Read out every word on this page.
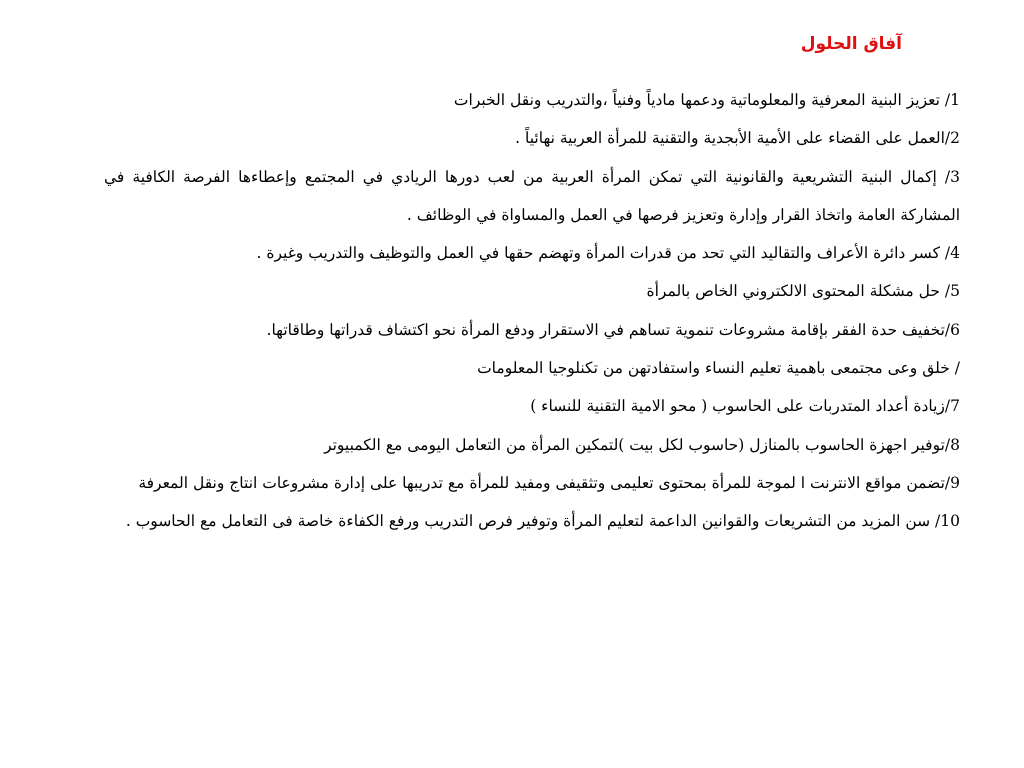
آفاق الحلول

1/ تعزيز البنية المعرفية والمعلوماتية ودعمها مادياً وفنياً ،والتدريب ونقل الخبرات

2/العمل على القضاء على الأمية الأبجدية والتقنية للمرأة العربية نهائياً .

3/ إكمال البنية التشريعية والقانونية التي تمكن المرأة العربية من لعب دورها الريادي في المجتمع وإعطاءها الفرصة الكافية في المشاركة العامة واتخاذ القرار وإدارة وتعزيز فرصها في العمل والمساواة في الوظائف .

4/ كسر دائرة الأعراف والتقاليد التي تحد من قدرات المرأة وتهضم حقها في العمل والتوظيف والتدريب وغيرة .

5/ حل مشكلة المحتوى الالكتروني الخاص بالمرأة

6/تخفيف حدة الفقر بإقامة مشروعات تنموية تساهم في الاستقرار ودفع المرأة نحو اكتشاف قدراتها وطاقاتها.

/ خلق وعى مجتمعى باهمية تعليم النساء واستفادتهن من تكنلوجيا المعلومات

7/زيادة أعداد المتدربات على الحاسوب ( محو الامية التقنية للنساء )

8/توفير اجهزة الحاسوب بالمنازل (حاسوب لكل بيت )لتمكين المرأة من التعامل اليومى مع الكمبيوتر

9/تضمن مواقع الانترنت ا لموجة للمرأة بمحتوى تعليمى وتثقيفى ومفيد للمرأة مع تدريبها على إدارة مشروعات انتاج ونقل المعرفة

10/ سن المزيد من التشريعات والقوانين الداعمة لتعليم المرأة وتوفير فرص التدريب ورفع الكفاءة خاصة فى التعامل مع الحاسوب .
